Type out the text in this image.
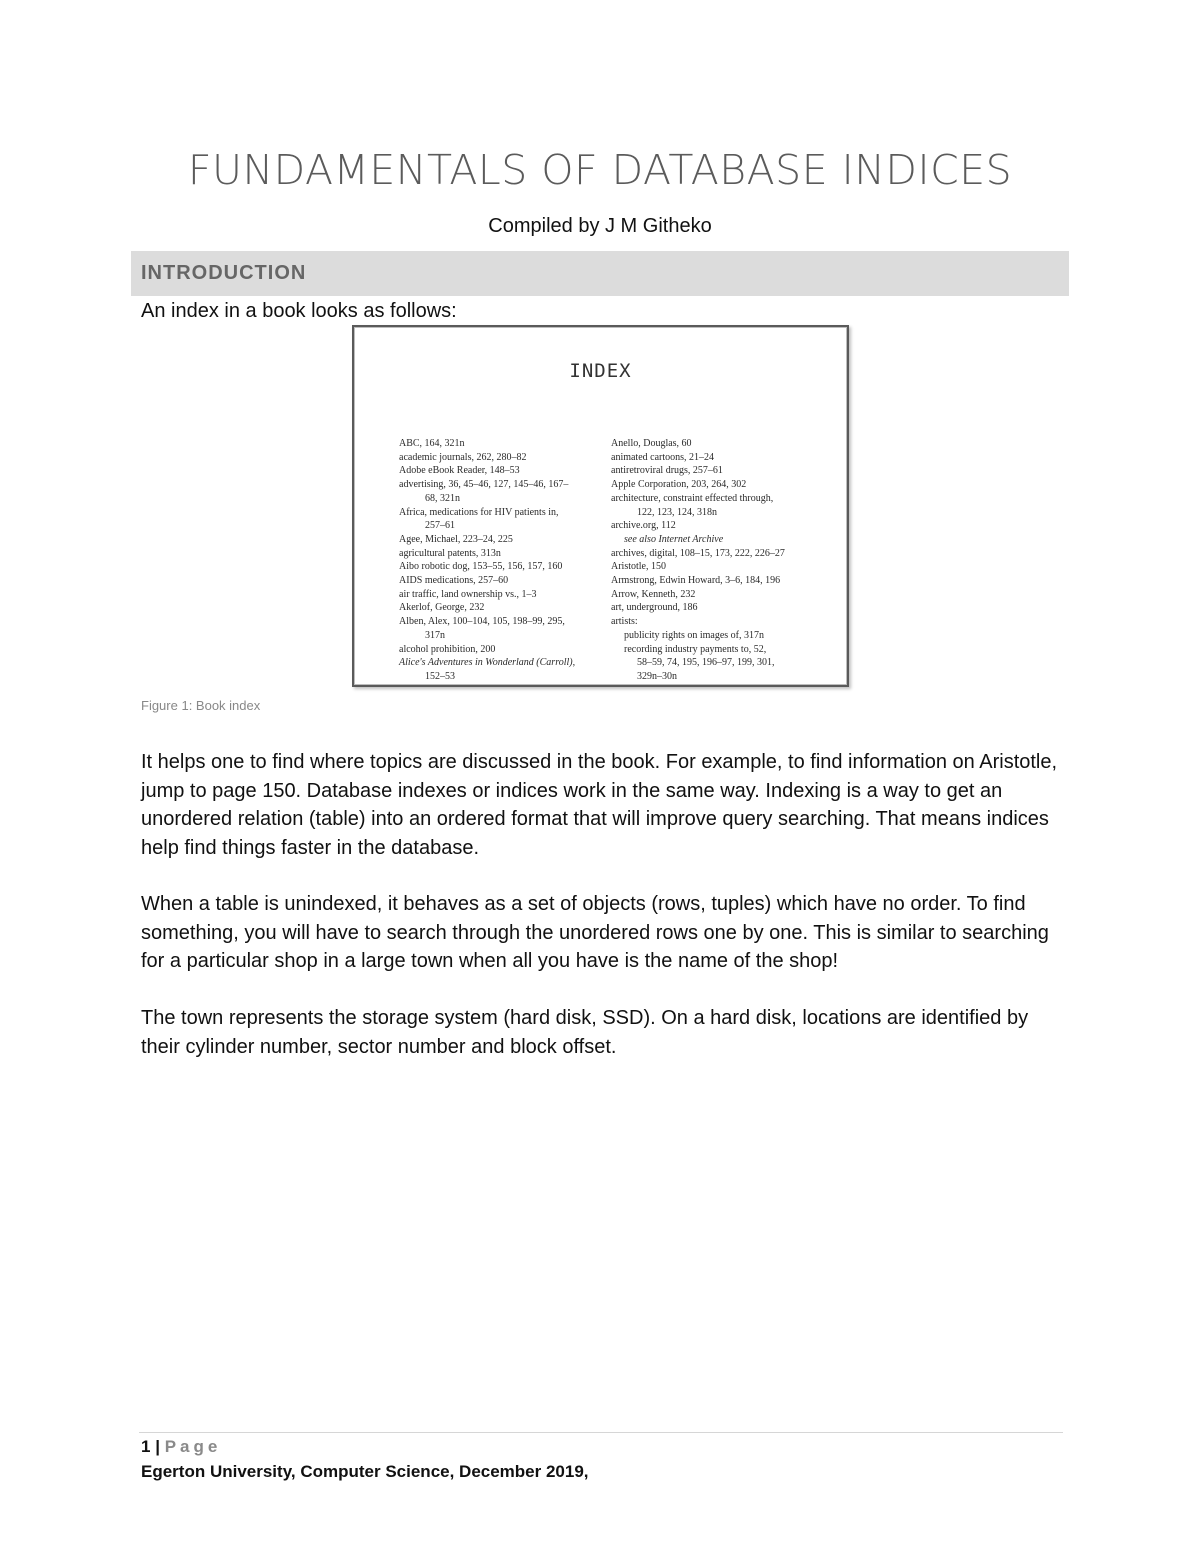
FUNDAMENTALS OF DATABASE INDICES
Compiled by J M Githeko
INTRODUCTION

An index in a book looks as follows:

INDEX
ABC, 164, 321n
academic journals, 262, 280–82
Adobe eBook Reader, 148–53
advertising, 36, 45–46, 127, 145–46, 167–
68, 321n
Africa, medications for HIV patients in,
257–61
Agee, Michael, 223–24, 225
agricultural patents, 313n
Aibo robotic dog, 153–55, 156, 157, 160
AIDS medications, 257–60
air traffic, land ownership vs., 1–3
Akerlof, George, 232
Alben, Alex, 100–104, 105, 198–99, 295,
317n
alcohol prohibition, 200
Alice's Adventures in Wonderland (Carroll),
152–53
Anello, Douglas, 60
animated cartoons, 21–24
antiretroviral drugs, 257–61
Apple Corporation, 203, 264, 302
architecture, constraint effected through,
122, 123, 124, 318n
archive.org, 112
see also Internet Archive
archives, digital, 108–15, 173, 222, 226–27
Aristotle, 150
Armstrong, Edwin Howard, 3–6, 184, 196
Arrow, Kenneth, 232
art, underground, 186
artists:
publicity rights on images of, 317n
recording industry payments to, 52,
58–59, 74, 195, 196–97, 199, 301,
329n–30n
Figure 1: Book index

It helps one to find where topics are discussed in the book. For example, to find information on Aristotle, jump to page 150. Database indexes or indices work in the same way. Indexing is a way to get an unordered relation (table) into an ordered format that will improve query searching. That means indices help find things faster in the database.

When a table is unindexed, it behaves as a set of objects (rows, tuples) which have no order. To find something, you will have to search through the unordered rows one by one. This is similar to searching for a particular shop in a large town when all you have is the name of the shop!

The town represents the storage system (hard disk, SSD). On a hard disk, locations are identified by their cylinder number, sector number and block offset.

1 | Page
Egerton University, Computer Science, December 2019,
